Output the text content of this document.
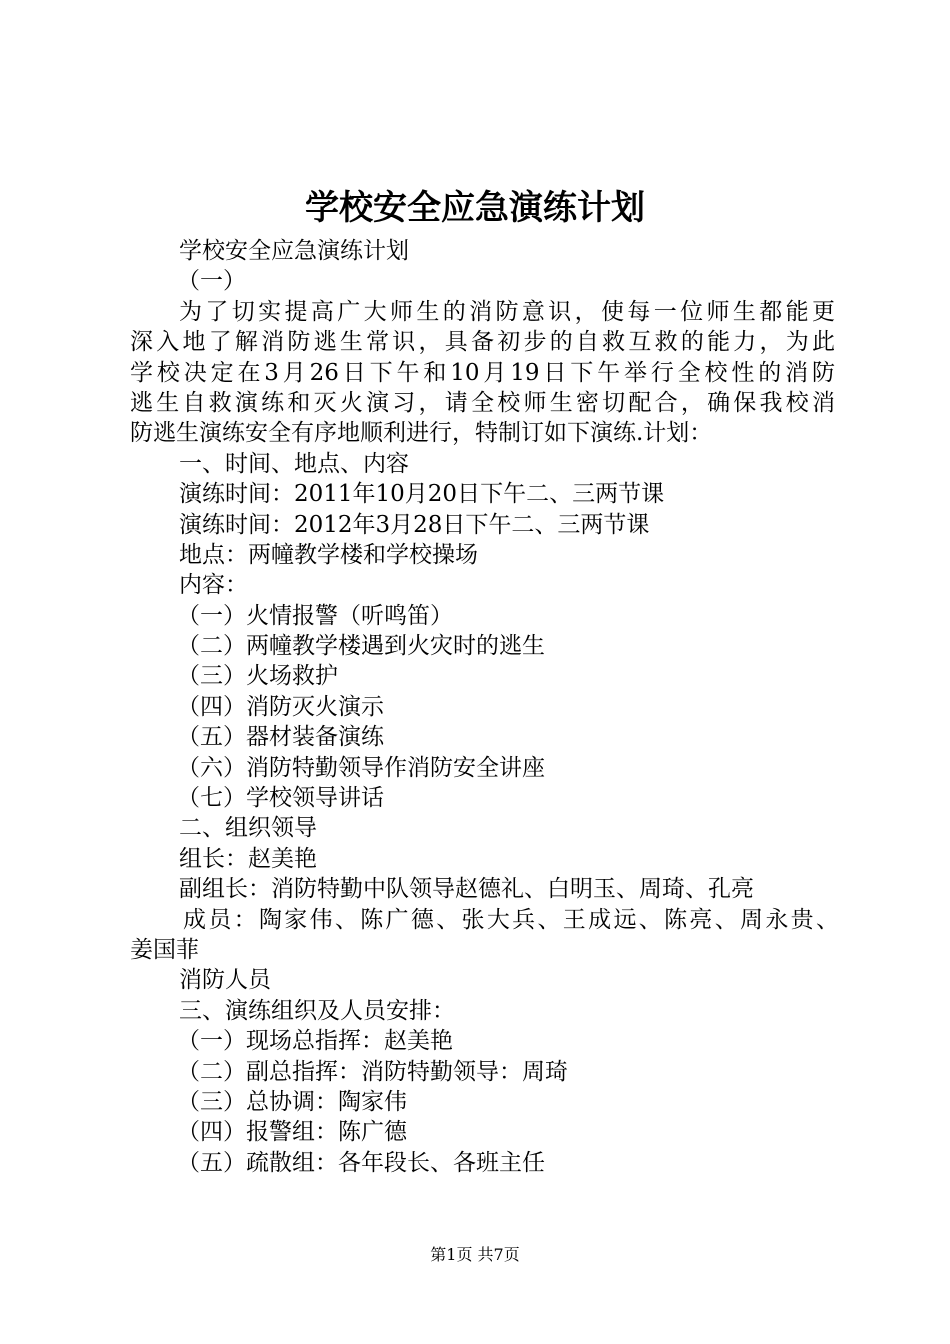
学校安全应急演练计划
学校安全应急演练计划
（一）
为了切实提高广大师生的消防意识，使每一位师生都能更
深入地了解消防逃生常识，具备初步的自救互救的能力，为此
学校决定在3月26日下午和10月19日下午举行全校性的消防
逃生自救演练和灭火演习，请全校师生密切配合，确保我校消
防逃生演练安全有序地顺利进行，特制订如下演练.计划：
一、时间、地点、内容
演练时间：2011年10月20日下午二、三两节课
演练时间：2012年3月28日下午二、三两节课
地点：两幢教学楼和学校操场
内容：
（一）火情报警（听鸣笛）
（二）两幢教学楼遇到火灾时的逃生
（三）火场救护
（四）消防灭火演示
（五）器材装备演练
（六）消防特勤领导作消防安全讲座
（七）学校领导讲话
二、组织领导
组长：赵美艳
副组长：消防特勤中队领导赵德礼、白明玉、周琦、孔亮
成员：陶家伟、陈广德、张大兵、王成远、陈亮、周永贵、
姜国菲
消防人员
三、演练组织及人员安排：
（一）现场总指挥：赵美艳
（二）副总指挥：消防特勤领导：周琦
（三）总协调：陶家伟
（四）报警组：陈广德
（五）疏散组：各年段长、各班主任
第1页 共7页
